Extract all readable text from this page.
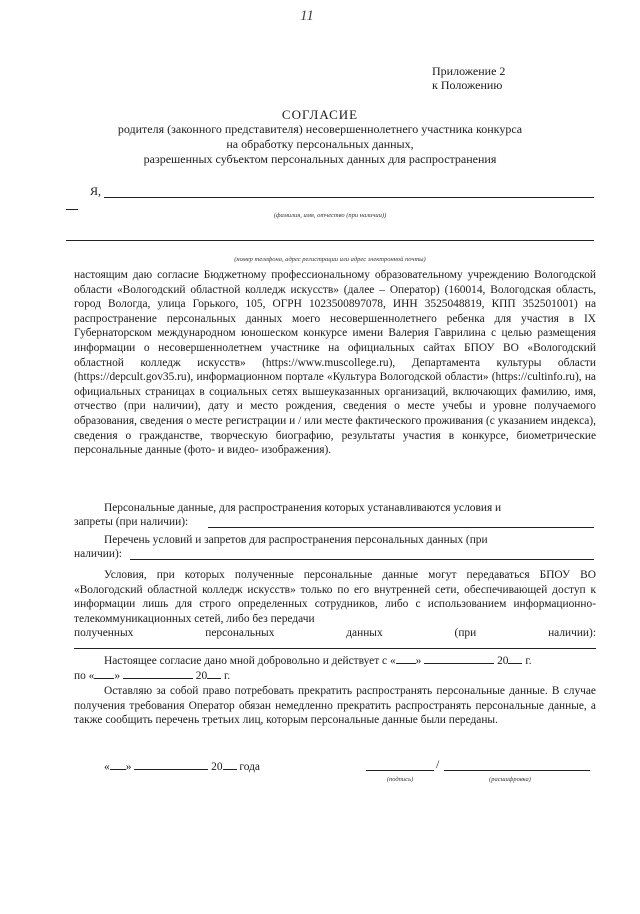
11
Приложение 2
к Положению
СОГЛАСИЕ
родителя (законного представителя) несовершеннолетнего участника конкурса
на обработку персональных данных,
разрешенных субъектом персональных данных для распространения
Я,
(фамилия, имя, отчество (при наличии))
(номер телефона, адрес регистрации или адрес электронной почты)
настоящим даю согласие Бюджетному профессиональному образовательному учреждению Вологодской области «Вологодский областной колледж искусств» (далее – Оператор) (160014, Вологодская область, город Вологда, улица Горького, 105, ОГРН 1023500897078, ИНН 3525048819, КПП 352501001) на распространение персональных данных моего несовершеннолетнего ребенка для участия в IX Губернаторском международном юношеском конкурсе имени Валерия Гаврилина с целью размещения информации о несовершеннолетнем участнике на официальных сайтах БПОУ ВО «Вологодский областной колледж искусств» (https://www.muscollege.ru), Департамента культуры области (https://depcult.gov35.ru), информационном портале «Культура Вологодской области» (https://cultinfo.ru), на официальных страницах в социальных сетях вышеуказанных организаций, включающих фамилию, имя, отчество (при наличии), дату и место рождения, сведения о месте учебы и уровне получаемого образования, сведения о месте регистрации и / или месте фактического проживания (с указанием индекса), сведения о гражданстве, творческую биографию, результаты участия в конкурсе, биометрические персональные данные (фото- и видео- изображения).
Персональные данные, для распространения которых устанавливаются условия и
запреты (при наличии):
Перечень условий и запретов для распространения персональных данных (при
наличии):
Условия, при которых полученные персональные данные могут передаваться БПОУ ВО «Вологодский областной колледж искусств» только по его внутренней сети, обеспечивающей доступ к информации лишь для строго определенных сотрудников, либо с использованием информационно-телекоммуникационных сетей, либо без передачи
полученных	персональных	данных	(при	наличии):
Настоящее согласие дано мной добровольно и действует с « »	20 г.
по « »	20 г.
Оставляю за собой право потребовать прекратить распространять персональные данные. В случае получения требования Оператор обязан немедленно прекратить распространять персональные данные, а также сообщить перечень третьих лиц, которым персональные данные были переданы.
« »	20 года	/
(подпись)	(расшифровка)
